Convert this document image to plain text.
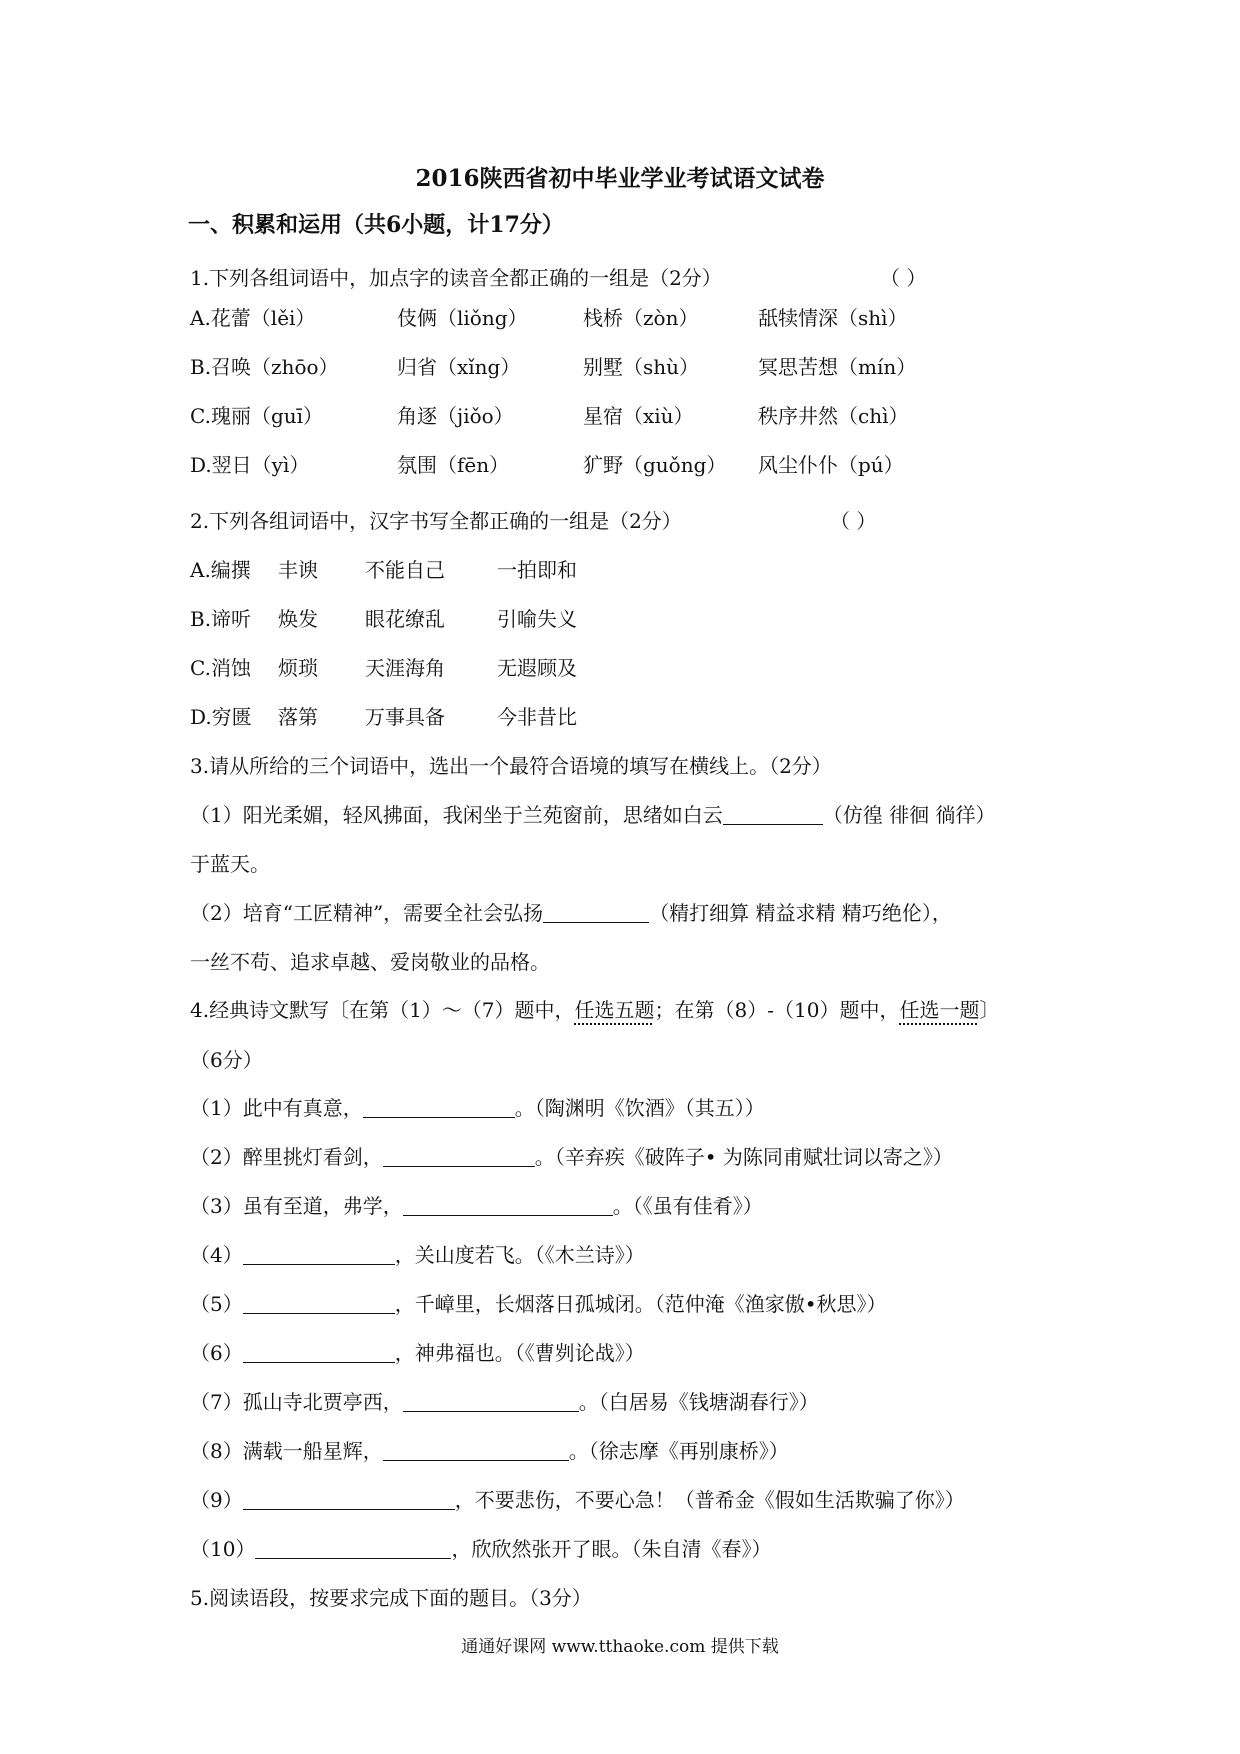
2016陕西省初中毕业学业考试语文试卷
一、积累和运用（共6小题，计17分）
1.下列各组词语中，加点字的读音全都正确的一组是（2分）	（ ）
A.花蕾（lěi）	伎俩（liǒng）	栈桥（zòn）	舐犊情深（shì）
B.召唤（zhōo）	归省（xǐng）	别墅（shù）	冥思苦想（mín）
C.瑰丽（guī）	角逐（jiǒo）	星宿（xiù）	秩序井然（chì）
D.翌日（yì）	氛围（fēn）	犷野（guǒng） 风尘仆仆（pú）
2.下列各组词语中，汉字书写全都正确的一组是（2分）	（ ）
A.编撰 丰谀 不能自己	一拍即和
B.谛听 焕发 眼花缭乱	引喻失义
C.消蚀 烦琐 天涯海角	无遐顾及
D.穷匮 落第 万事具备	今非昔比
3.请从所给的三个词语中，选出一个最符合语境的填写在横线上。（2分）
（1）阳光柔媚，轻风拂面，我闲坐于兰苑窗前，思绪如白云	（仿徨 徘徊 徜徉）
于蓝天。
（2）培育“工匠精神”，需要全社会弘扬	（精打细算 精益求精 精巧绝伦），
一丝不苟、追求卓越、爱岗敬业的品格。
4.经典诗文默写〔在第（1）～（7）题中，任选五题；在第（8）-（10）题中，任选一题〕
（6分）
（1）此中有真意，	。（陶渊明《饮酒》（其五））
（2）醉里挑灯看剑，	。（辛弃疾《破阵子• 为陈同甫赋壮词以寄之》）
（3）虽有至道，弗学，	。（《虽有佳肴》）
（4）	，关山度若飞。（《木兰诗》）
（5）	，千嶂里，长烟落日孤城闭。（范仲淹《渔家傲•秋思》）
（6）	，神弗福也。（《曹刿论战》）
（7）孤山寺北贾亭西，	。（白居易《钱塘湖春行》）
（8）满载一船星辉，	。（徐志摩《再别康桥》）
（9）	，不要悲伤，不要心急！（普希金《假如生活欺骗了你》）
（10）	，欣欣然张开了眼。（朱自清《春》）
5.阅读语段，按要求完成下面的题目。（3分）
通通好课网 www.tthaoke.com 提供下载
